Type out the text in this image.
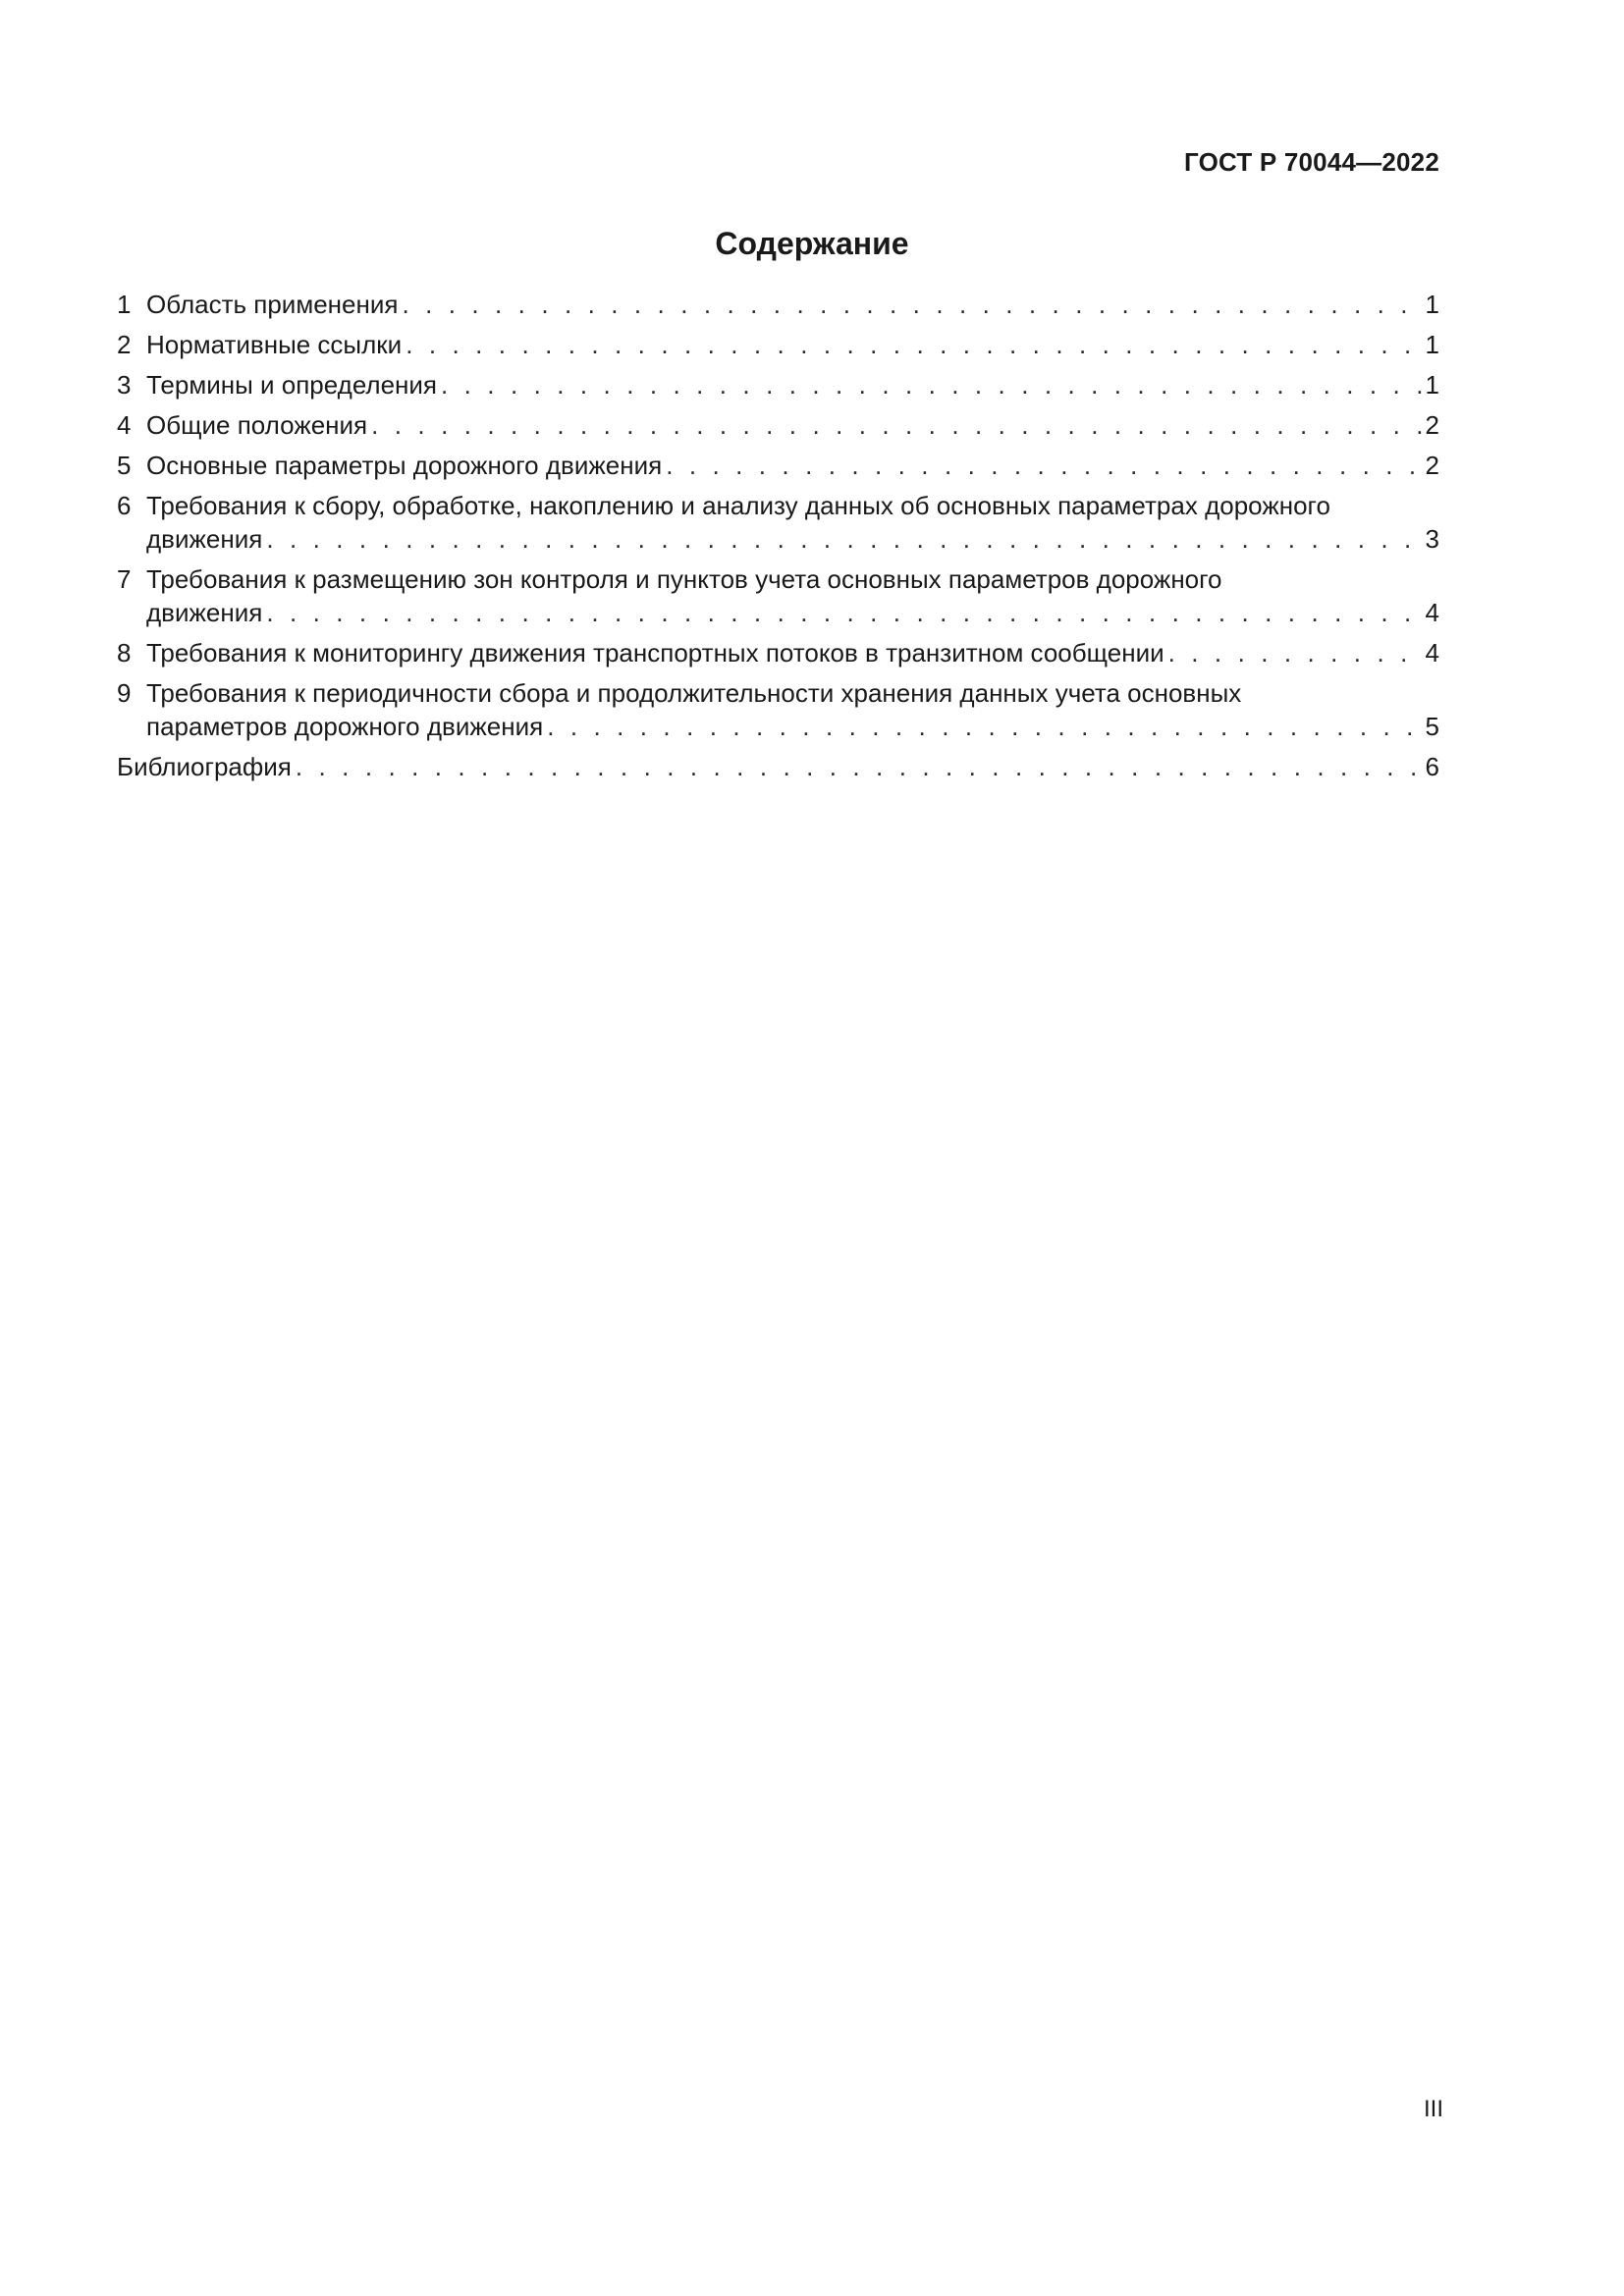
ГОСТ Р 70044—2022
Содержание
1 Область применения . . .	1
2 Нормативные ссылки . . .	1
3 Термины и определения . . .	1
4 Общие положения . . .	2
5 Основные параметры дорожного движения . . .	2
6 Требования к сбору, обработке, накоплению и анализу данных об основных параметрах дорожного
движения . . .	3
7 Требования к размещению зон контроля и пунктов учета основных параметров дорожного
движения . . .	4
8 Требования к мониторингу движения транспортных потоков в транзитном сообщении . . .	4
9 Требования к периодичности сбора и продолжительности хранения данных учета основных
параметров дорожного движения . . .	5
Библиография . . .	6
III
